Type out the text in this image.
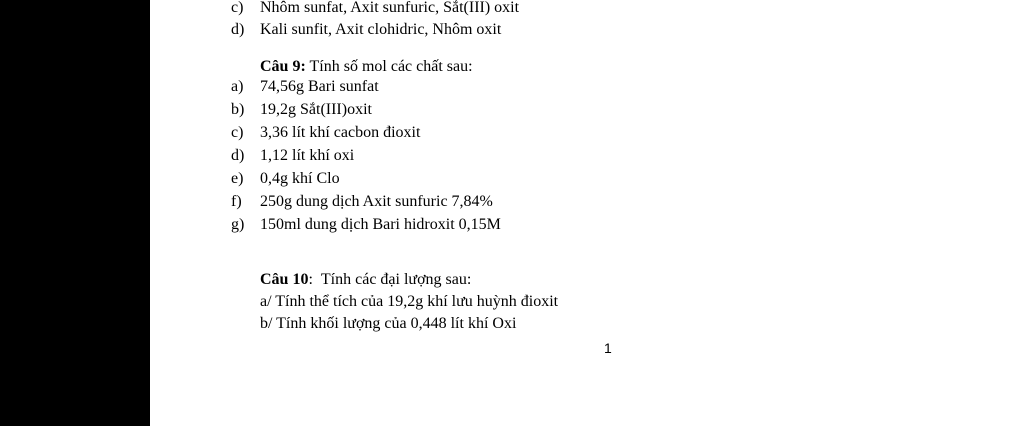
c) Nhôm sunfat, Axit sunfuric, Sắt(III) oxit
d) Kali sunfit, Axit clohidric, Nhôm oxit
Câu 9: Tính số mol các chất sau:
a) 74,56g Bari sunfat
b) 19,2g Sắt(III)oxit
c) 3,36 lít khí cacbon đioxit
d) 1,12 lít khí oxi
e) 0,4g khí Clo
f) 250g dung dịch Axit sunfuric 7,84%
g) 150ml dung dịch Bari hidroxit 0,15M
Câu 10: Tính các đại lượng sau:
a/ Tính thể tích của 19,2g khí lưu huỳnh đioxit
b/ Tính khối lượng của 0,448 lít khí Oxi
1
